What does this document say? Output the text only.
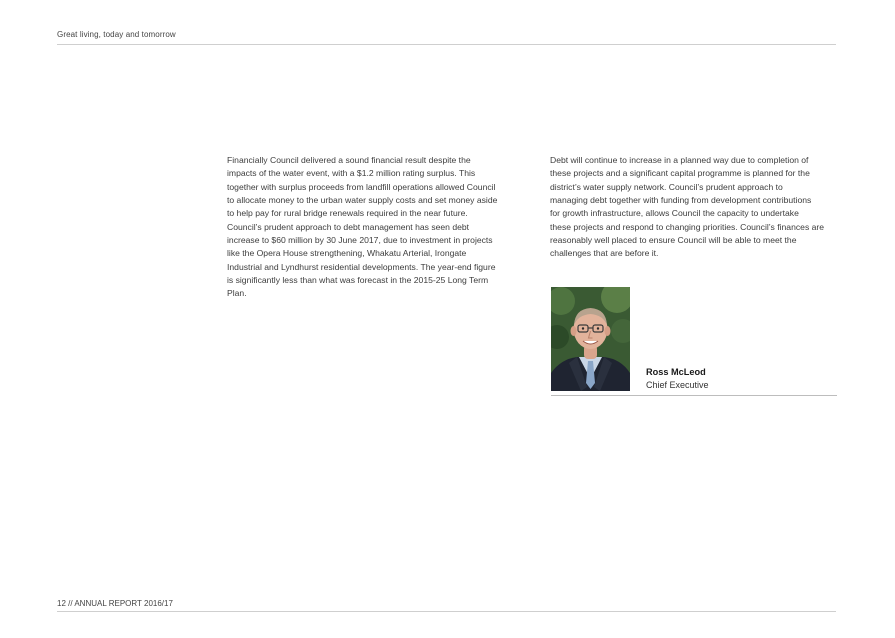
Great living, today and tomorrow
Financially Council delivered a sound financial result despite the
impacts of the water event, with a $1.2 million rating surplus. This
together with surplus proceeds from landfill operations allowed Council
to allocate money to the urban water supply costs and set money aside
to help pay for rural bridge renewals required in the near future.
Council’s prudent approach to debt management has seen debt
increase to $60 million by 30 June 2017, due to investment in projects
like the Opera House strengthening, Whakatu Arterial, Irongate
Industrial and Lyndhurst residential developments. The year-end figure
is significantly less than what was forecast in the 2015-25 Long Term
Plan.
Debt will continue to increase in a planned way due to completion of
these projects and a significant capital programme is planned for the
district’s water supply network. Council’s prudent approach to
managing debt together with funding from development contributions
for growth infrastructure, allows Council the capacity to undertake
these projects and respond to changing priorities. Council’s finances are
reasonably well placed to ensure Council will be able to meet the
challenges that are before it.
Ross McLeod
Chief Executive
12 // ANNUAL REPORT 2016/17
